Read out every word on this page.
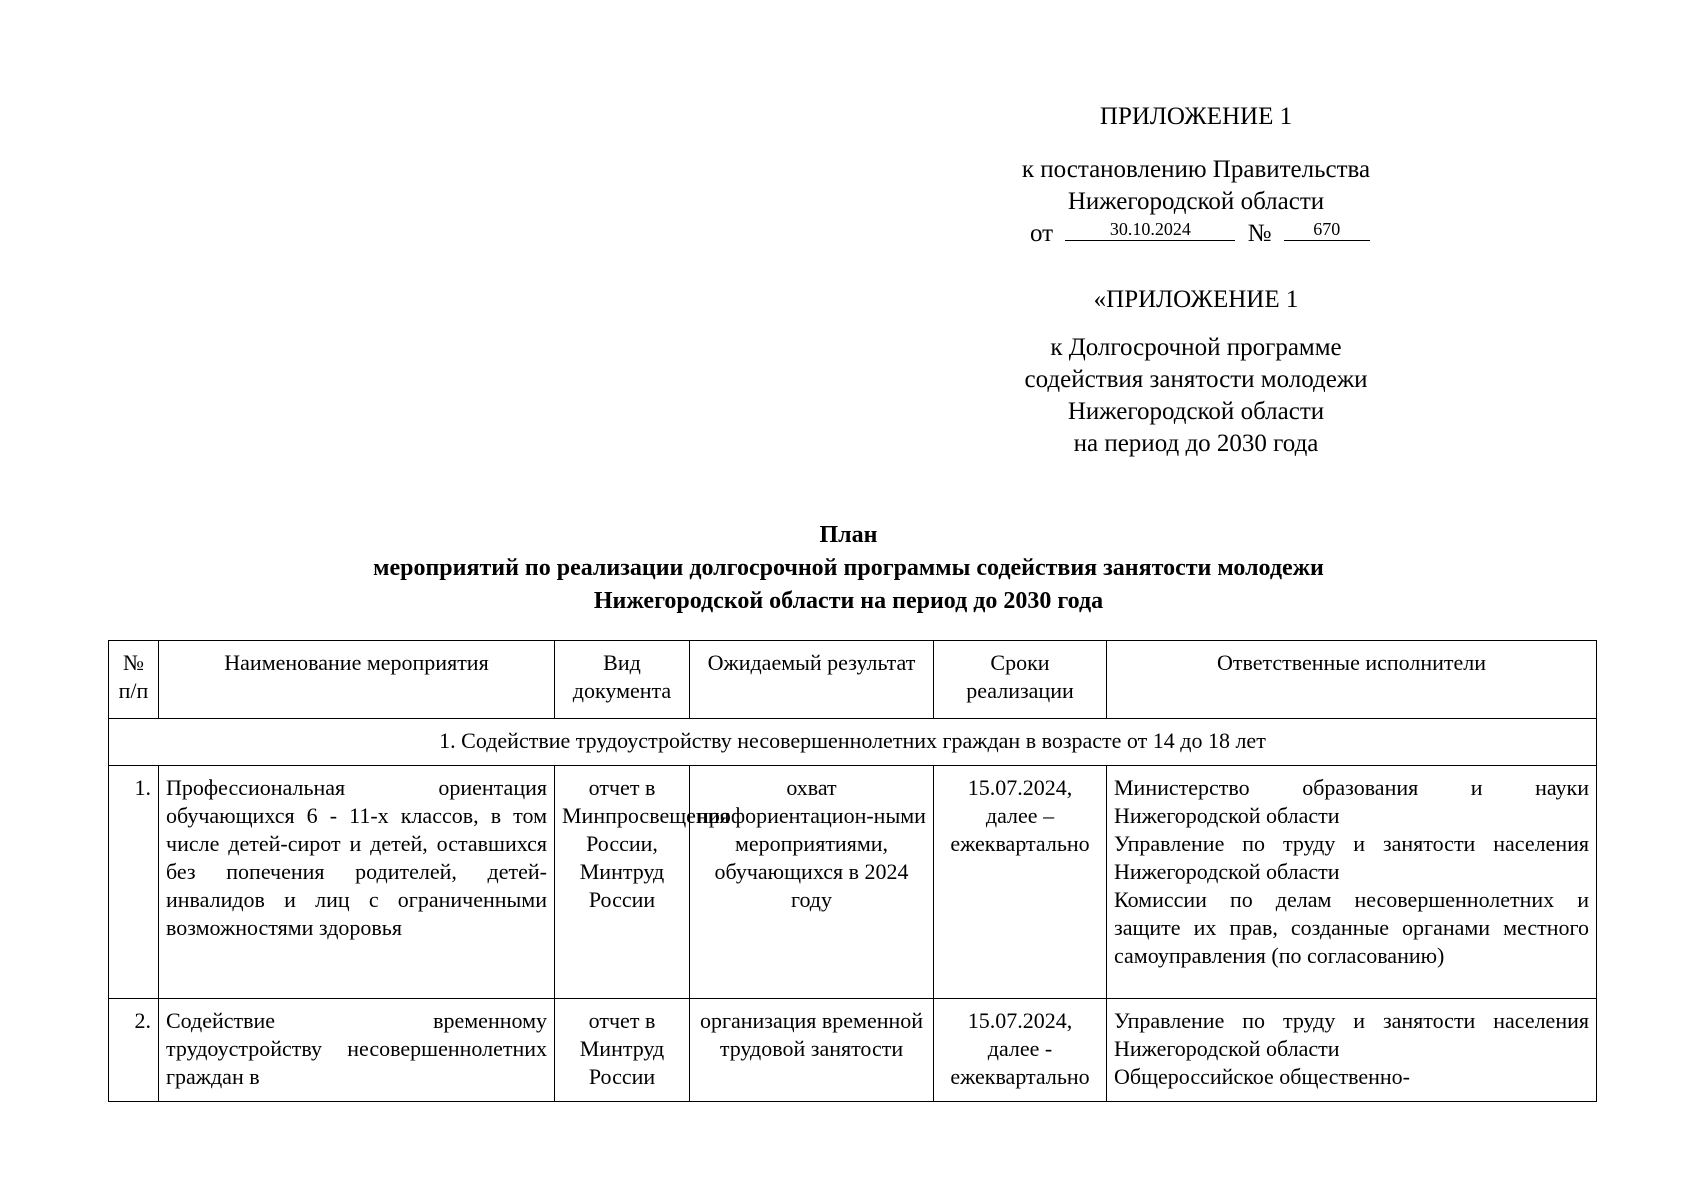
ПРИЛОЖЕНИЕ 1
к постановлению Правительства
Нижегородской области
от	30.10.2024	№	670
«ПРИЛОЖЕНИЕ 1
к Долгосрочной программе
содействия занятости молодежи
Нижегородской области
на период до 2030 года
План
мероприятий по реализации долгосрочной программы содействия занятости молодежи
Нижегородской области на период до 2030 года
№ п/п	Наименование мероприятия	Вид документа	Ожидаемый результат	Сроки реализации	Ответственные исполнители
1. Содействие трудоустройству несовершеннолетних граждан в возрасте от 14 до 18 лет					
1.	Профессиональная ориентация обучающихся 6 - 11-х классов, в том числе детей-сирот и детей, оставшихся без попечения родителей, детей-инвалидов и лиц с ограниченными возможностями здоровья	отчет в Минпросвещения России, Минтруд России	охват профориентацион-ными мероприятиями, обучающихся в 2024 году	15.07.2024, далее – ежеквартально	Министерство образования и науки Нижегородской области
Управление по труду и занятости населения Нижегородской области
Комиссии по делам несовершеннолетних и защите их прав, созданные органами местного самоуправления (по согласованию)

2.	Содействие временному трудоустройству несовершеннолетних граждан в	отчет в Минтруд России	организация временной трудовой занятости	15.07.2024, далее - ежеквартально	Управление по труду и занятости населения Нижегородской области
Общероссийское общественно-
